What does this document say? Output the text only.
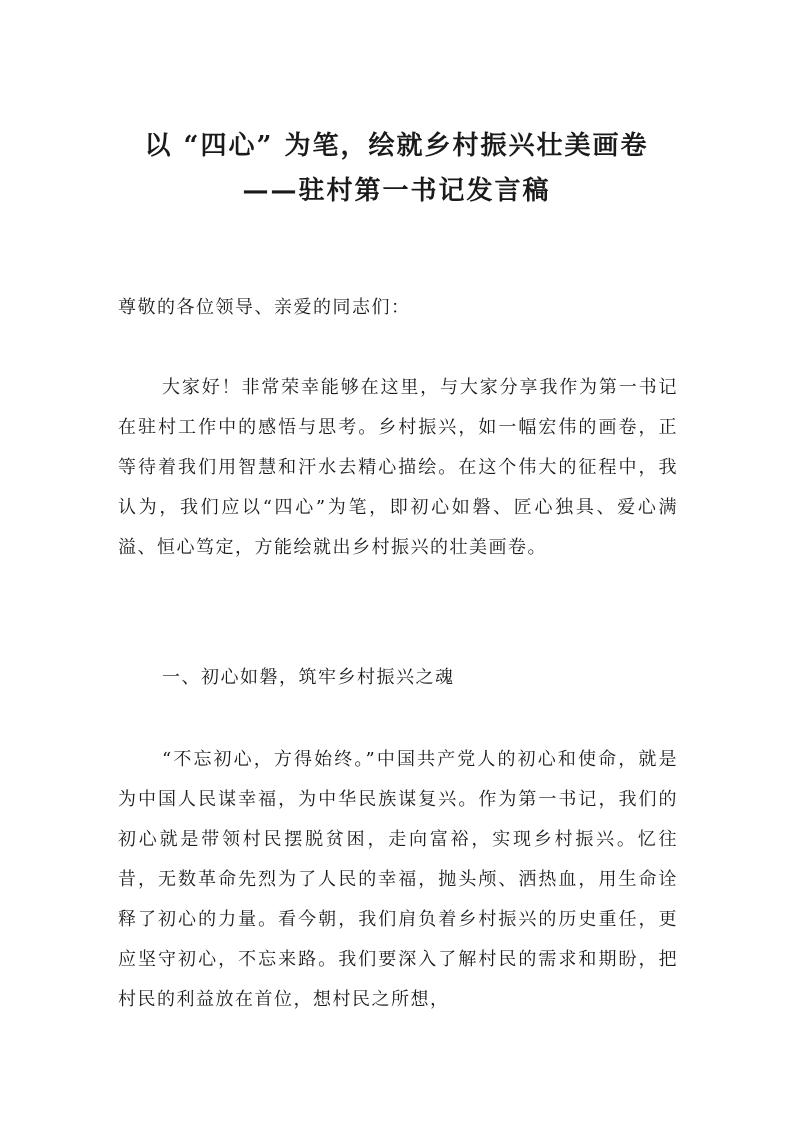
以 “四心” 为笔，绘就乡村振兴壮美画卷
——驻村第一书记发言稿

尊敬的各位领导、亲爱的同志们：

大家好！非常荣幸能够在这里，与大家分享我作为第一书记在驻村工作中的感悟与思考。乡村振兴，如一幅宏伟的画卷，正等待着我们用智慧和汗水去精心描绘。在这个伟大的征程中，我认为，我们应以“四心”为笔，即初心如磐、匠心独具、爱心满溢、恒心笃定，方能绘就出乡村振兴的壮美画卷。

一、初心如磐，筑牢乡村振兴之魂

“不忘初心，方得始终。”中国共产党人的初心和使命，就是为中国人民谋幸福，为中华民族谋复兴。作为第一书记，我们的初心就是带领村民摆脱贫困，走向富裕，实现乡村振兴。忆往昔，无数革命先烈为了人民的幸福，抛头颅、洒热血，用生命诠释了初心的力量。看今朝，我们肩负着乡村振兴的历史重任，更应坚守初心，不忘来路。我们要深入了解村民的需求和期盼，把村民的利益放在首位，想村民之所想，
